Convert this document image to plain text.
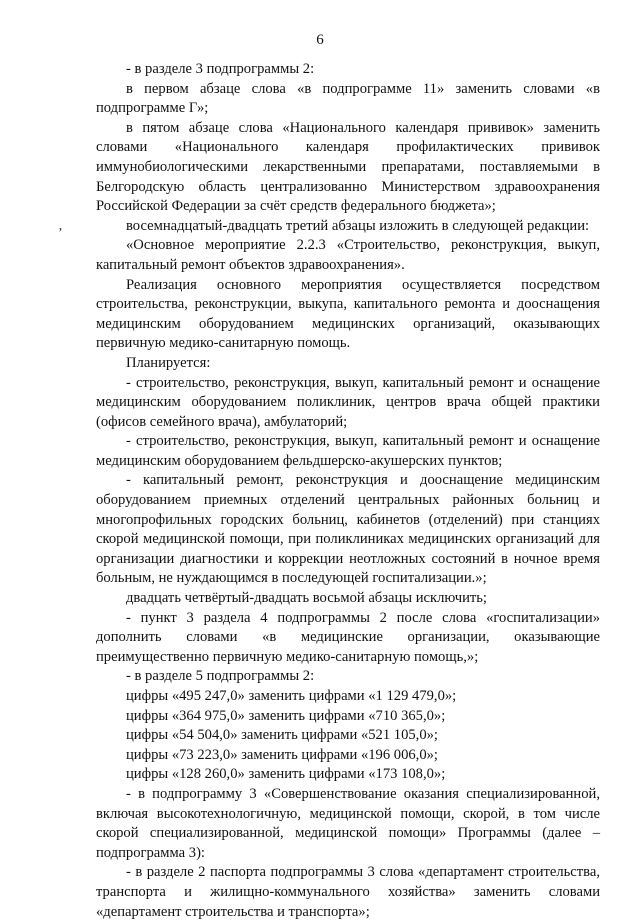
6
’

- в разделе 3 подпрограммы 2:

в первом абзаце слова «в подпрограмме 11» заменить словами «в подпрограмме Г»;

в пятом абзаце слова «Национального календаря прививок» заменить словами «Национального календаря профилактических прививок иммунобиологическими лекарственными препаратами, поставляемыми в Белгородскую область централизованно Министерством здравоохранения Российской Федерации за счёт средств федерального бюджета»;

восемнадцатый-двадцать третий абзацы изложить в следующей редакции:

«Основное мероприятие 2.2.3 «Строительство, реконструкция, выкуп, капитальный ремонт объектов здравоохранения».

Реализация основного мероприятия осуществляется посредством строительства, реконструкции, выкупа, капитального ремонта и дооснащения медицинским оборудованием медицинских организаций, оказывающих первичную медико-санитарную помощь.

Планируется:

- строительство, реконструкция, выкуп, капитальный ремонт и оснащение медицинским оборудованием поликлиник, центров врача общей практики (офисов семейного врача), амбулаторий;

- строительство, реконструкция, выкуп, капитальный ремонт и оснащение медицинским оборудованием фельдшерско-акушерских пунктов;

- капитальный ремонт, реконструкция и дооснащение медицинским оборудованием приемных отделений центральных районных больниц и многопрофильных городских больниц, кабинетов (отделений) при станциях скорой медицинской помощи, при поликлиниках медицинских организаций для организации диагностики и коррекции неотложных состояний в ночное время больным, не нуждающимся в последующей госпитализации.»;

двадцать четвёртый-двадцать восьмой абзацы исключить;

- пункт 3 раздела 4 подпрограммы 2 после слова «госпитализации» дополнить словами «в медицинские организации, оказывающие преимущественно первичную медико-санитарную помощь,»;

- в разделе 5 подпрограммы 2:

цифры «495 247,0» заменить цифрами «1 129 479,0»;

цифры «364 975,0» заменить цифрами «710 365,0»;

цифры «54 504,0» заменить цифрами «521 105,0»;

цифры «73 223,0» заменить цифрами «196 006,0»;

цифры «128 260,0» заменить цифрами «173 108,0»;

- в подпрограмму 3 «Совершенствование оказания специализированной, включая высокотехнологичную, медицинской помощи, скорой, в том числе скорой специализированной, медицинской помощи» Программы (далее – подпрограмма 3):

- в разделе 2 паспорта подпрограммы 3 слова «департамент строительства, транспорта и жилищно-коммунального хозяйства» заменить словами «департамент строительства и транспорта»;
